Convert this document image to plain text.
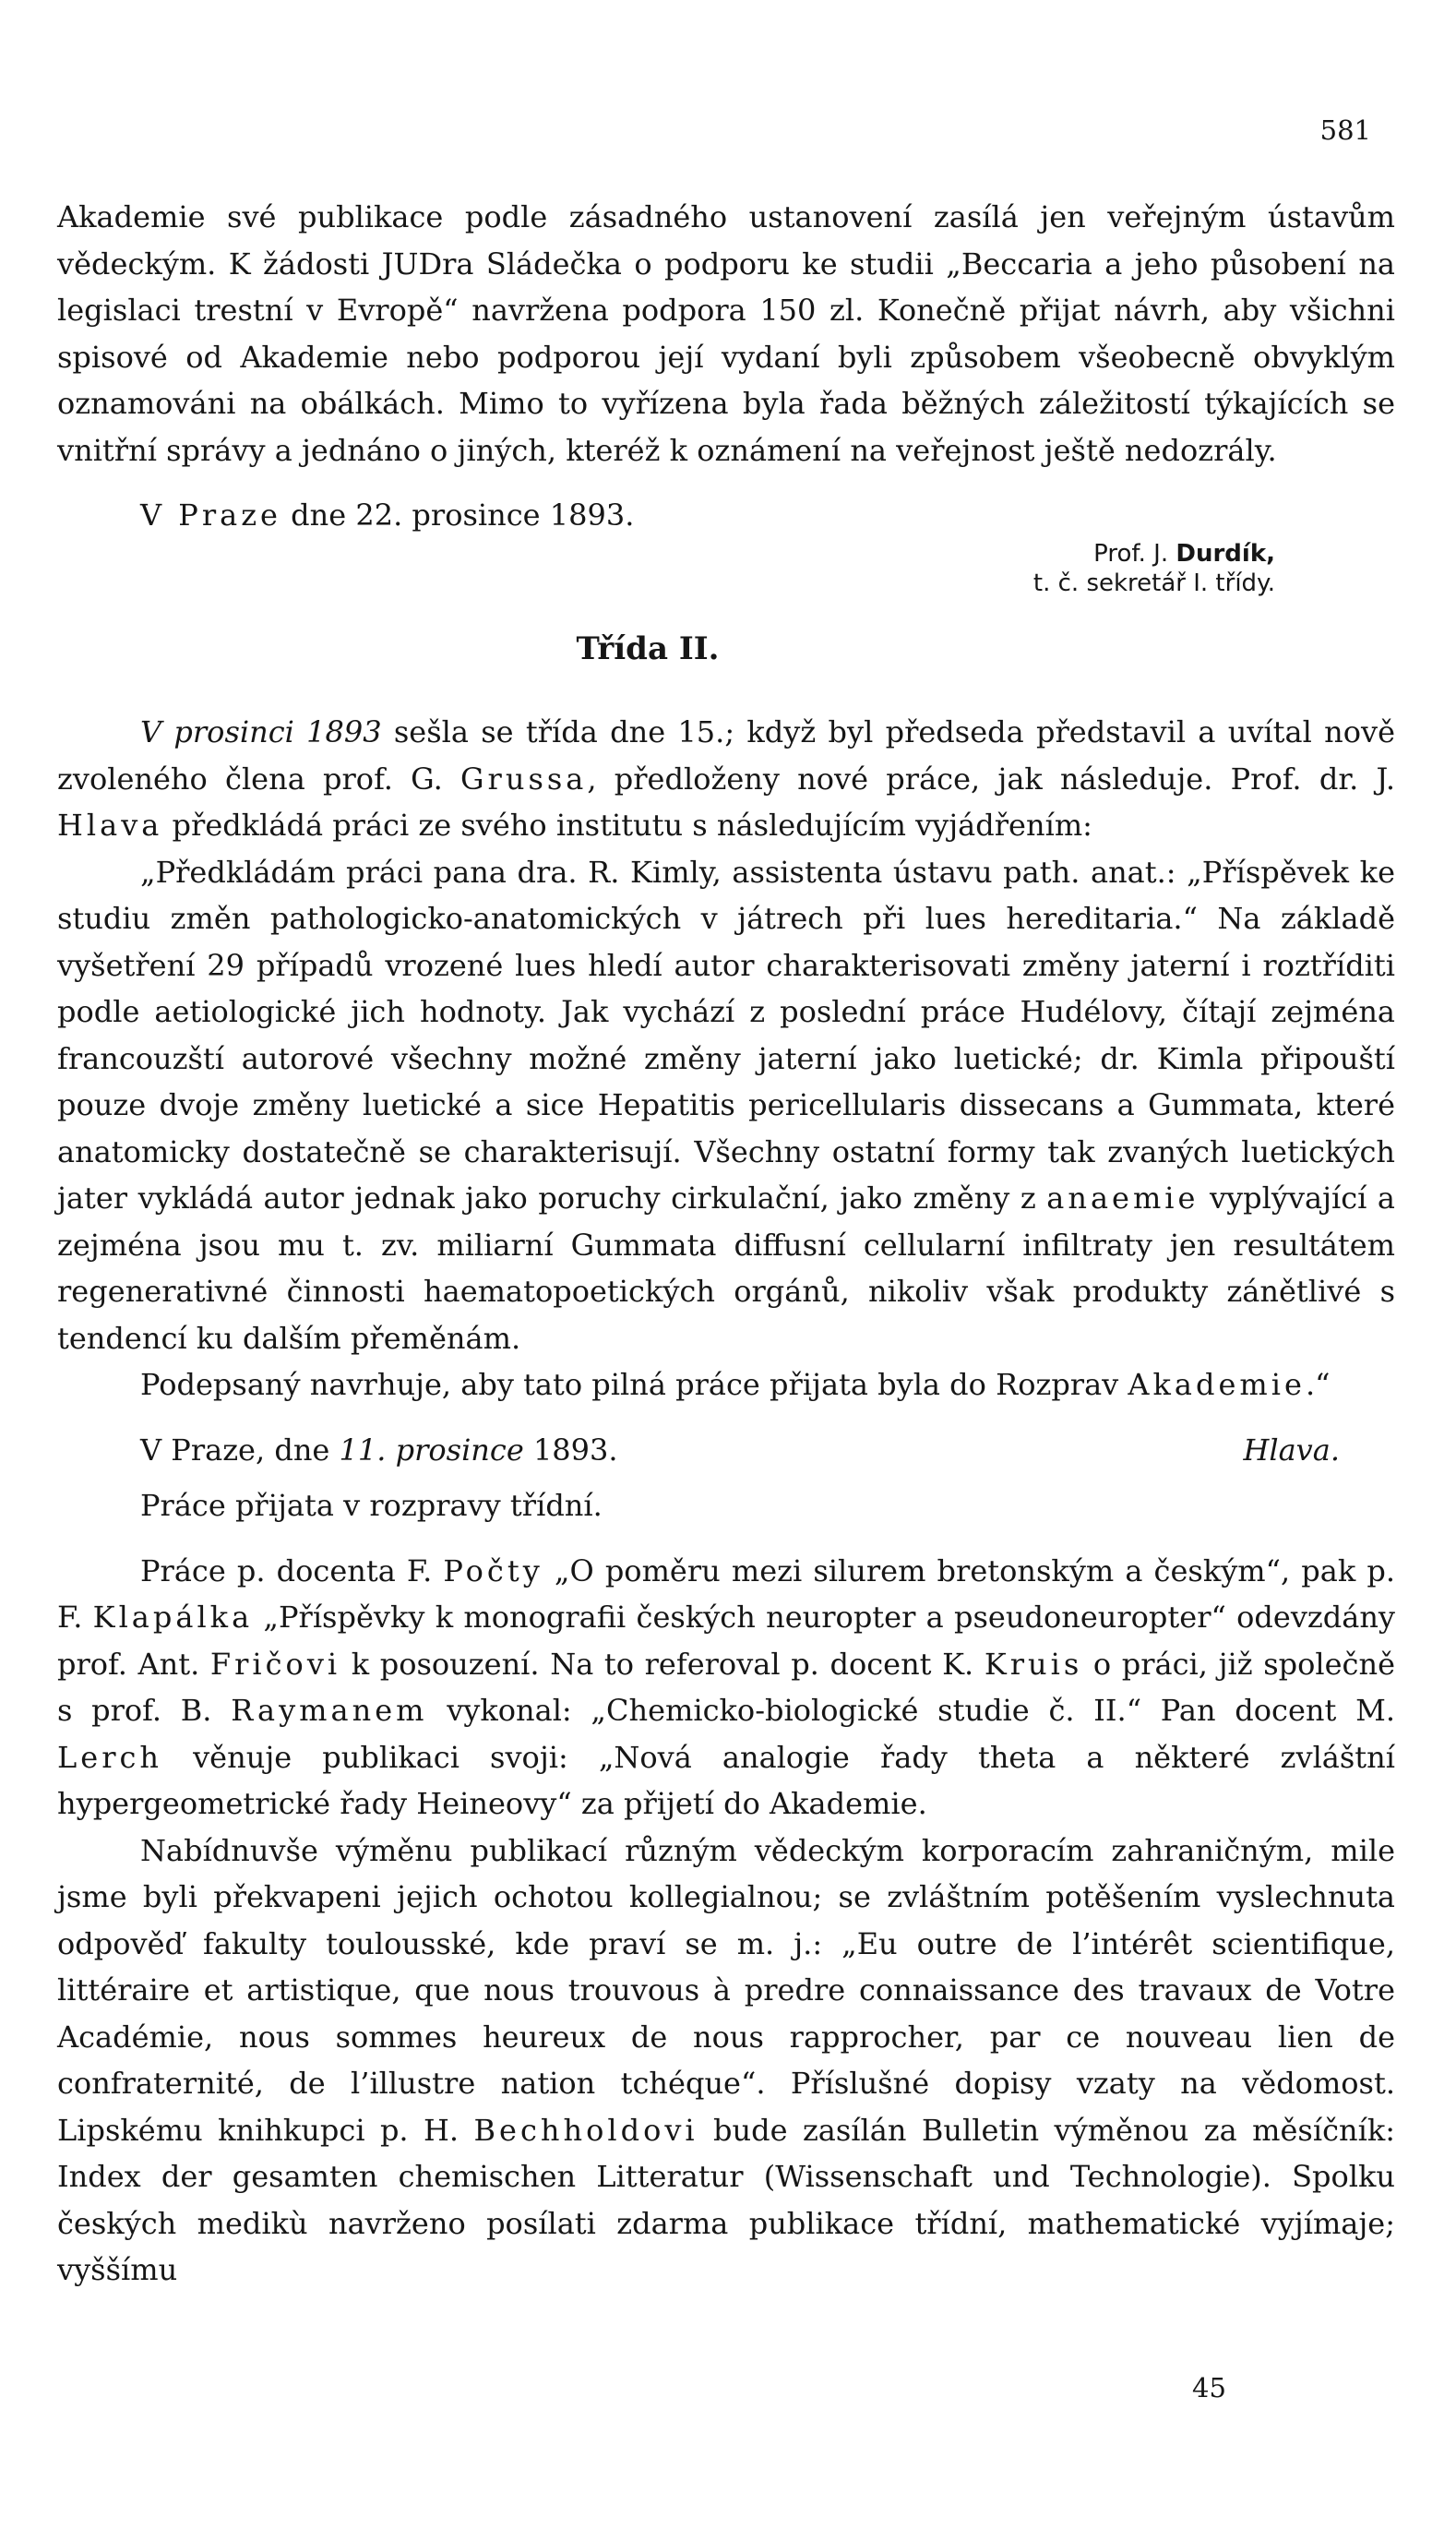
581

Akademie své publikace podle zásadného ustanovení zasílá jen veřejným ústavům vědeckým. K žádosti JUDra Sládečka o podporu ke studii „Beccaria a jeho působení na legislaci trestní v Evropě“ navržena podpora 150 zl. Konečně přijat návrh, aby všichni spisové od Akademie nebo podporou její vydaní byli způsobem všeobecně obvyklým oznamováni na obálkách. Mimo to vyřízena byla řada běžných záležitostí týkajících se vnitřní správy a jednáno o jiných, kteréž k oznámení na veřejnost ještě nedozrály.

V Praze dne 22. prosince 1893.

Prof. J. Durdík,
t. č. sekretář I. třídy.
Třída II.

V prosinci 1893 sešla se třída dne 15.; když byl předseda představil a uvítal nově zvoleného člena prof. G. Grussa, předloženy nové práce, jak následuje. Prof. dr. J. Hlava předkládá práci ze svého institutu s následujícím vyjádřením:

„Předkládám práci pana dra. R. Kimly, assistenta ústavu path. anat.: „Příspěvek ke studiu změn pathologicko-anatomických v játrech při lues hereditaria.“ Na základě vyšetření 29 případů vrozené lues hledí autor charakterisovati změny jaterní i roztříditi podle aetiologické jich hodnoty. Jak vychází z poslední práce Hudélovy, čítají zejména francouzští autorové všechny možné změny jaterní jako luetické; dr. Kimla připouští pouze dvoje změny luetické a sice Hepatitis pericellularis dissecans a Gummata, které anatomicky dostatečně se charakterisují. Všechny ostatní formy tak zvaných luetických jater vykládá autor jednak jako poruchy cirkulační, jako změny z anaemie vyplývající a zejména jsou mu t. zv. miliarní Gummata diffusní cellularní infiltraty jen resultátem regenerativné činnosti haematopoetických orgánů, nikoliv však produkty zánětlivé s tendencí ku dalším přeměnám.

Podepsaný navrhuje, aby tato pilná práce přijata byla do Rozprav Akademie.“

V Praze, dne 11. prosince 1893.	Hlava.

Práce přijata v rozpravy třídní.

Práce p. docenta F. Počty „O poměru mezi silurem bretonským a českým“, pak p. F. Klapálka „Příspěvky k monografii českých neuropter a pseudoneuropter“ odevzdány prof. Ant. Fričovi k posouzení. Na to referoval p. docent K. Kruis o práci, již společně s prof. B. Raymanem vykonal: „Chemicko-biologické studie č. II.“ Pan docent M. Lerch věnuje publikaci svoji: „Nová analogie řady theta a některé zvláštní hypergeometrické řady Heineovy“ za přijetí do Akademie.

Nabídnuvše výměnu publikací různým vědeckým korporacím zahraničným, mile jsme byli překvapeni jejich ochotou kollegialnou; se zvláštním potěšením vyslechnuta odpověď fakulty toulousské, kde praví se m. j.: „Eu outre de l’intérêt scientifique, littéraire et artistique, que nous trouvous à predre connaissance des travaux de Votre Académie, nous sommes heureux de nous rapprocher, par ce nouveau lien de confraternité, de l’illustre nation tchéque“. Příslušné dopisy vzaty na vědomost. Lipskému knihkupci p. H. Bechholdovi bude zasílán Bulletin výměnou za měsíčník: Index der gesamten chemischen Litteratur (Wissenschaft und Technologie). Spolku českých medikù navrženo posílati zdarma publikace třídní, mathematické vyjímaje; vyššímu

45
